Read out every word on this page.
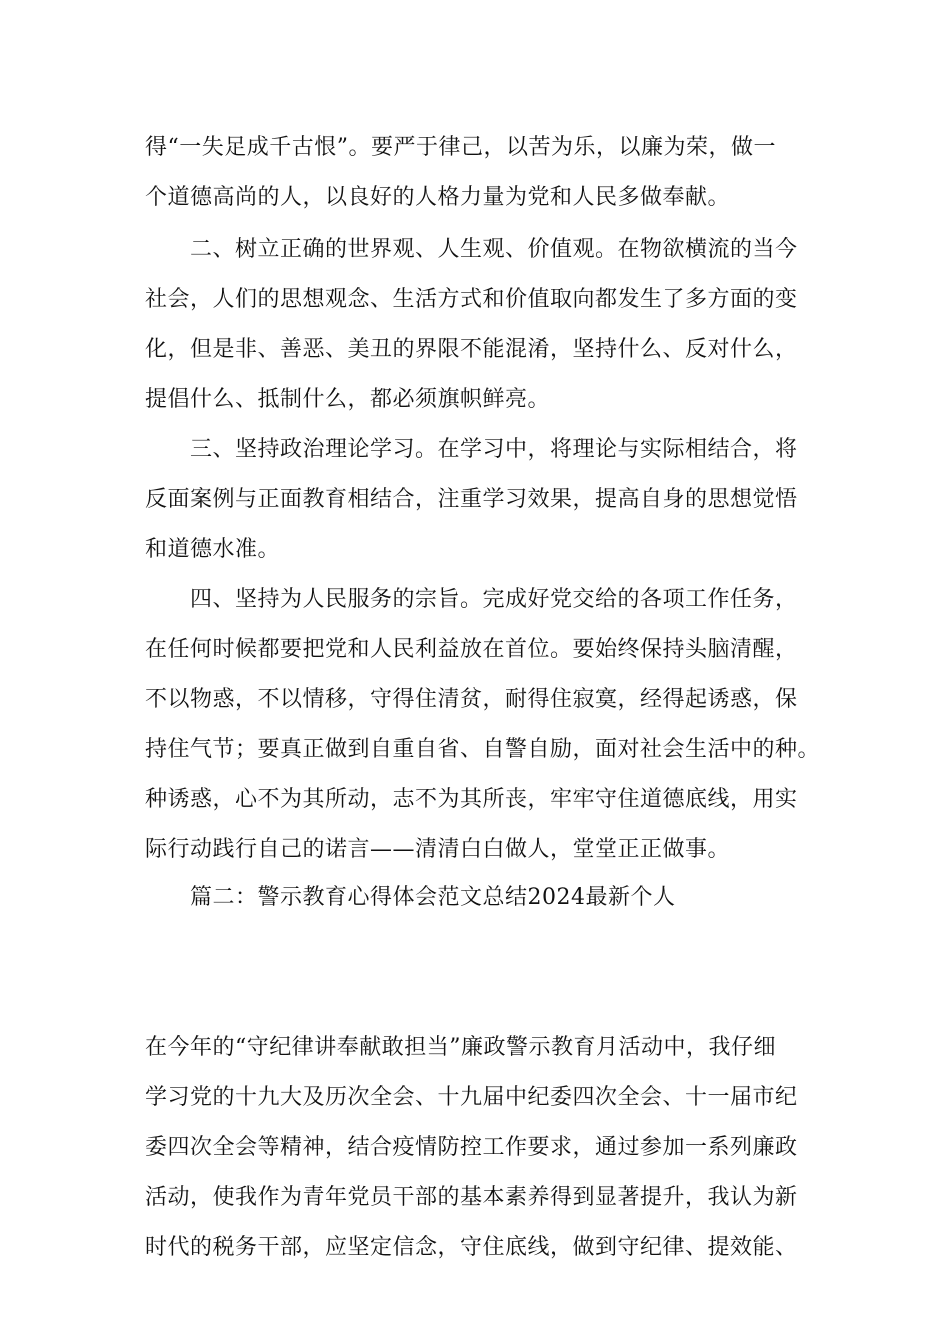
得“一失足成千古恨”。要严于律己，以苦为乐，以廉为荣，做一

个道德高尚的人，以良好的人格力量为党和人民多做奉献。

二、树立正确的世界观、人生观、价值观。在物欲横流的当今

社会，人们的思想观念、生活方式和价值取向都发生了多方面的变

化，但是非、善恶、美丑的界限不能混淆，坚持什么、反对什么，

提倡什么、抵制什么，都必须旗帜鲜亮。

三、坚持政治理论学习。在学习中，将理论与实际相结合，将

反面案例与正面教育相结合，注重学习效果，提高自身的思想觉悟

和道德水准。

四、坚持为人民服务的宗旨。完成好党交给的各项工作任务，

在任何时候都要把党和人民利益放在首位。要始终保持头脑清醒，

不以物惑，不以情移，守得住清贫，耐得住寂寞，经得起诱惑，保

持住气节；要真正做到自重自省、自警自励，面对社会生活中的种。

种诱惑，心不为其所动，志不为其所丧，牢牢守住道德底线，用实

际行动践行自己的诺言——清清白白做人，堂堂正正做事。

篇二：警示教育心得体会范文总结2024最新个人

在今年的“守纪律讲奉献敢担当”廉政警示教育月活动中，我仔细

学习党的十九大及历次全会、十九届中纪委四次全会、十一届市纪

委四次全会等精神，结合疫情防控工作要求，通过参加一系列廉政

活动，使我作为青年党员干部的基本素养得到显著提升，我认为新

时代的税务干部，应坚定信念，守住底线，做到守纪律、提效能、
